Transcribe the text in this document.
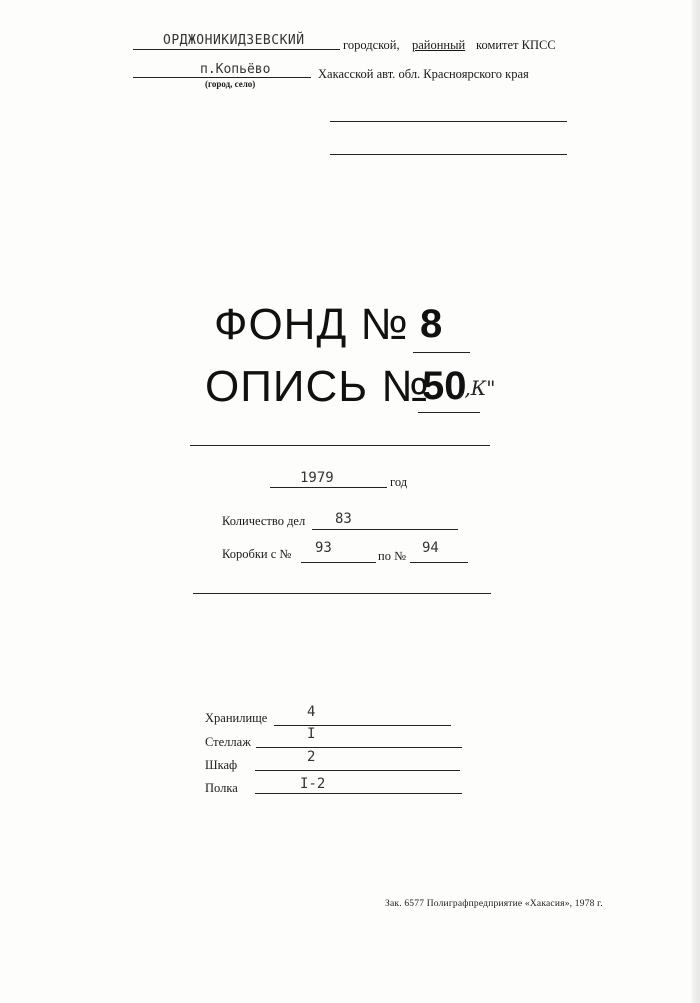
ОРДЖОНИКИДЗЕВСКИЙ	городской, районный комитет КПСС
п.Копьёво	Хакасской авт. обл. Красноярского края
(город, село)
ФОНД № 8
ОПИСЬ №
50
,,К"
1979	год
Количество дел 83
Коробки с № 93	по № 94
Хранилище	4
Стеллаж	I
Шкаф	2
Полка	I-2
Зак. 6577 Полиграфпредприятие «Хакасия», 1978 г.
